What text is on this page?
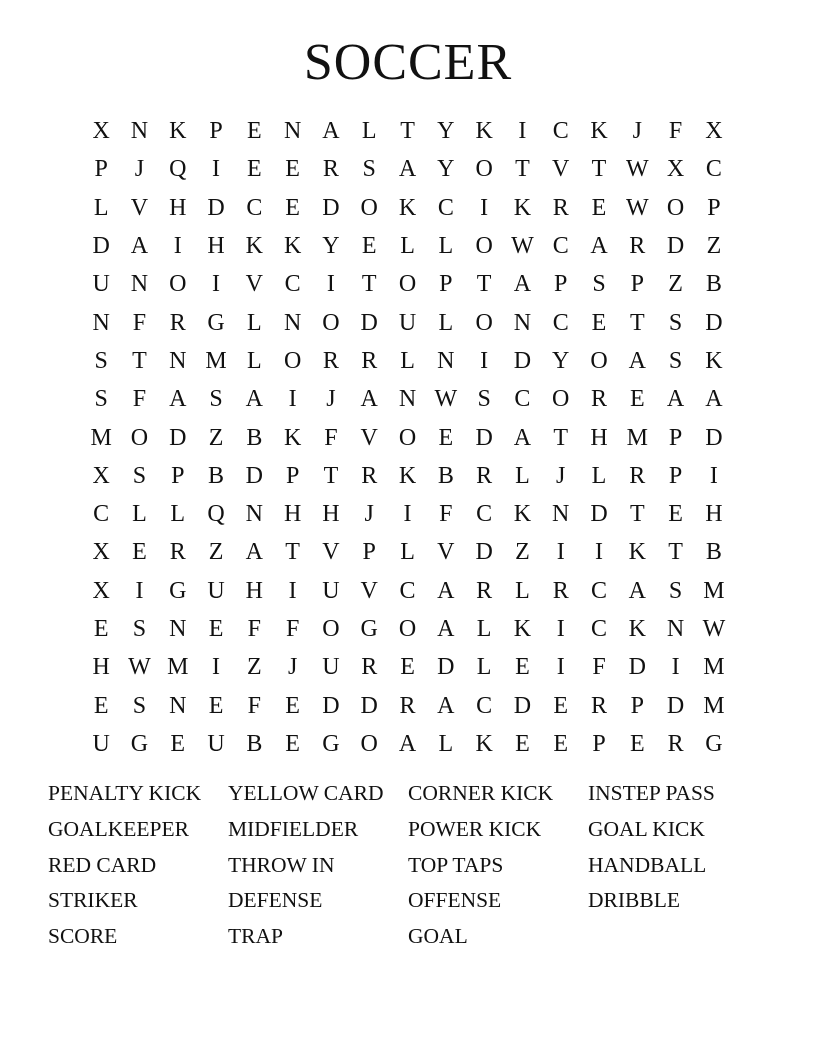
SOCCER
X N K P	E N A L T Y K	I	C K	J	F X
P	J	Q	I	E E R S A Y O T V T W X C
L V H D C E D O K C	I	K R E W O P
D A	I	H K K Y E L L O W C A R D Z
U N O	I	V C	I	T O P	T A P	S	P	Z B
N F R G L N O D U L O N C E T	S D
S	T N M L O R R L N	I	D Y O A S K
S	F A S A	I	J	A N W S C O R E A A
M O D Z B K F V O E D A T H M P D
X S	P B D P	T R K B R L	J	L R P	I
C L L Q N H H	J	I	F C K N D T E H
X E R Z A T V P	L V D Z	I	I	K T B
X	I	G U H	I	U V C A R L R C A S M
E	S N E	F	F O G O A L K	I	C K N W
H W M I	Z	J	U R E D L E	I	F D	I M
E	S N E	F	E D D R A C D E R P D M
U G E U B E G O A L K E E	P	E R G
PENALTY KICK	YELLOW CARD	CORNER KICK	INSTEP PASS
GOALKEEPER	MIDFIELDER	POWER KICK	GOAL KICK
RED CARD	THROW IN	TOP TAPS	HANDBALL
STRIKER	DEFENSE	OFFENSE	DRIBBLE
SCORE	TRAP	GOAL
